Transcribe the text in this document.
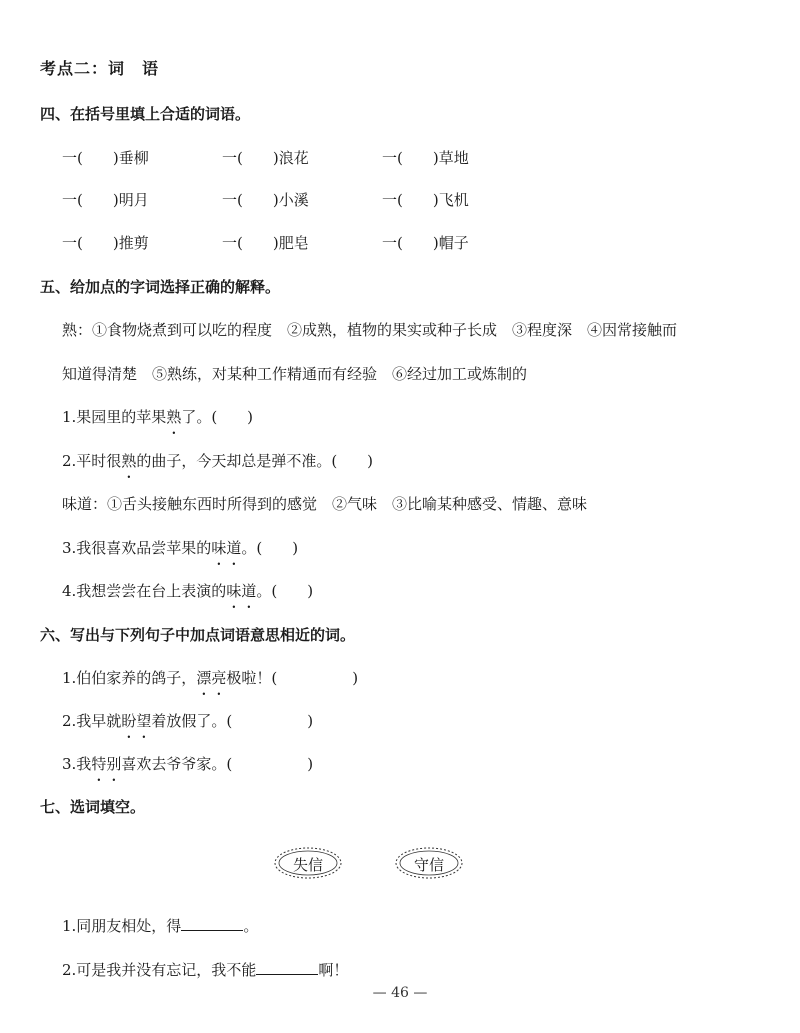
考点二：词　语
四、在括号里填上合适的词语。
一(　　)垂柳	一(　　)浪花	一(　　)草地
一(　　)明月	一(　　)小溪	一(　　)飞机
一(　　)推剪	一(　　)肥皂	一(　　)帽子
五、给加点的字词选择正确的解释。
熟：①食物烧煮到可以吃的程度　②成熟，植物的果实或种子长成　③程度深　④因常接触而
知道得清楚　⑤熟练，对某种工作精通而有经验　⑥经过加工或炼制的
1.果园里的苹果熟了。(　　)
2.平时很熟的曲子，今天却总是弹不准。(　　)
味道：①舌头接触东西时所得到的感觉　②气味　③比喻某种感受、情趣、意味
3.我很喜欢品尝苹果的味道。(　　)
4.我想尝尝在台上表演的味道。(　　)
六、写出与下列句子中加点词语意思相近的词。
1.伯伯家养的鸽子，漂亮极啦！(　　　　　)
2.我早就盼望着放假了。(　　　　　)
3.我特别喜欢去爷爷家。(　　　　　)
七、选词填空。
失信	守信
1.同朋友相处，得	。
2.可是我并没有忘记，我不能	啊！
— 46 —
